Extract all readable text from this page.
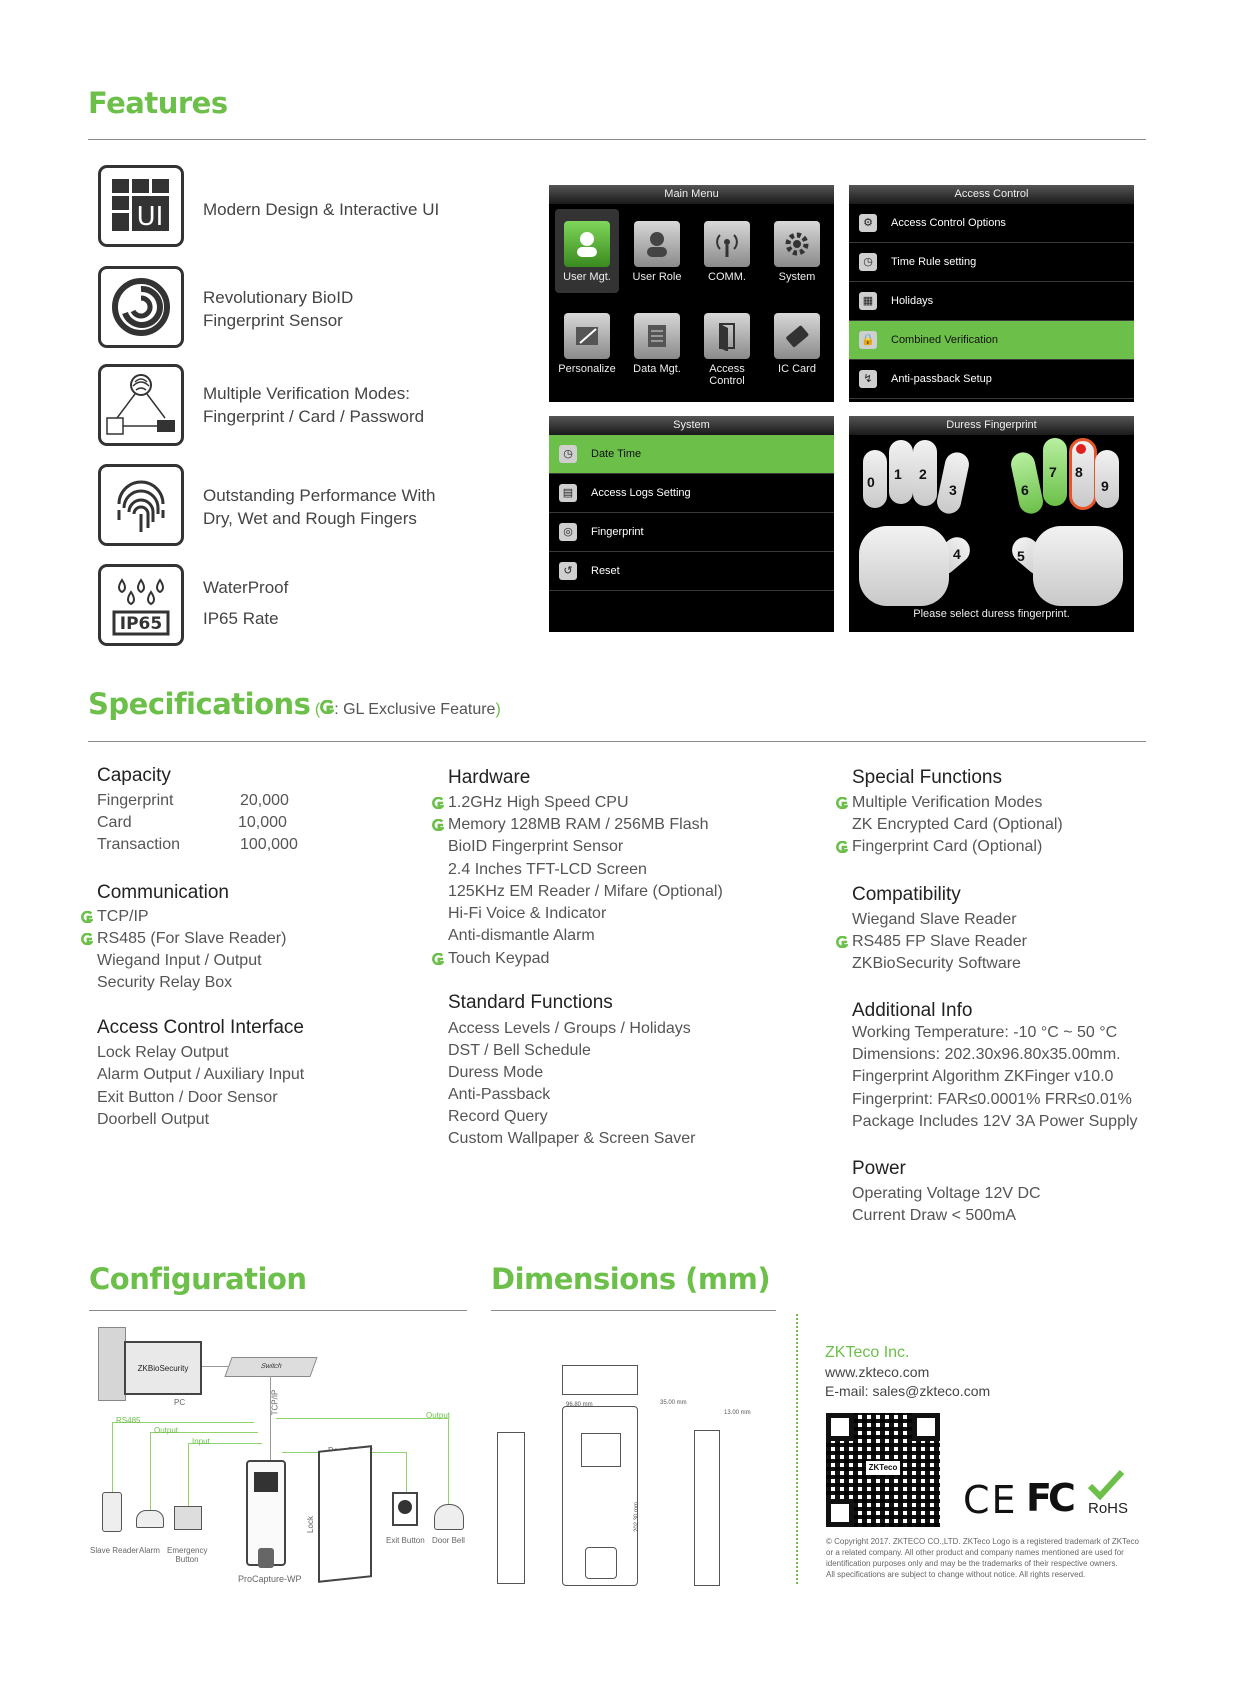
Features
UI Modern Design & Interactive UI
Revolutionary BioID
Fingerprint Sensor
Multiple Verification Modes:
Fingerprint / Card / Password
Outstanding Performance With
Dry, Wet and Rough Fingers
IP65
WaterProof
IP65 Rate
Main Menu
User Mgt.	User Role	COMM.	System
Personalize	Data Mgt.	Access Control
IC Card
Access Control
⚙	Access Control Options
◷	Time Rule setting
▦	Holidays
🔒 Combined Verification
↯	Anti-passback Setup
System
◷	Date Time
▤	Access Logs Setting
◎	Fingerprint
↺	Reset
Duress Fingerprint
0 1 2
3
4	5
6
7 8
9
Please select duress fingerprint.
Specifications ( : GL Exclusive Feature)
Capacity
Fingerprint	20,000
Card	10,000
Transaction	100,000
Communication
TCP/IP
RS485 (For Slave Reader)
Wiegand Input / Output
Security Relay Box
Access Control Interface
Lock Relay Output
Alarm Output / Auxiliary Input
Exit Button / Door Sensor
Doorbell Output
Hardware
1.2GHz High Speed CPU
Memory 128MB RAM / 256MB Flash
BioID Fingerprint Sensor
2.4 Inches TFT-LCD Screen
125KHz EM Reader / Mifare (Optional)
Hi-Fi Voice & Indicator
Anti-dismantle Alarm
Touch Keypad
Standard Functions
Access Levels / Groups / Holidays
DST / Bell Schedule
Duress Mode
Anti-Passback
Record Query
Custom Wallpaper & Screen Saver
Special Functions
Multiple Verification Modes
ZK Encrypted Card (Optional)
Fingerprint Card (Optional)
Compatibility
Wiegand Slave Reader
RS485 FP Slave Reader
ZKBioSecurity Software
Additional Info
Working Temperature: -10 °C ~ 50 °C
Dimensions: 202.30x96.80x35.00mm.
Fingerprint Algorithm ZKFinger v10.0
Fingerprint: FAR≤0.0001% FRR≤0.01%
Package Includes 12V 3A Power Supply
Power
Operating Voltage 12V DC
Current Draw < 500mA
Configuration
ZKBioSecurity
PC
Switch
TCP/IP
RS485
Output
Input
Output
Lock
Slave Reader Alarm Emergency Button
Exit Button Door Bell
ProCapture-WP
Dimensions (mm)
96.80 mm	35.00 mm
13.00 mm
202.30 mm
ZKTeco Inc.
www.zkteco.com
E-mail: sales@zkteco.com
ZKTeco
CE FC RoHS
© Copyright 2017. ZKTECO CO.,LTD. ZKTeco Logo is a registered trademark of ZKTeco
or a related company. All other product and company names mentioned are used for
identification purposes only and may be the trademarks of their respective owners.
All specifications are subject to change without notice. All rights reserved.
